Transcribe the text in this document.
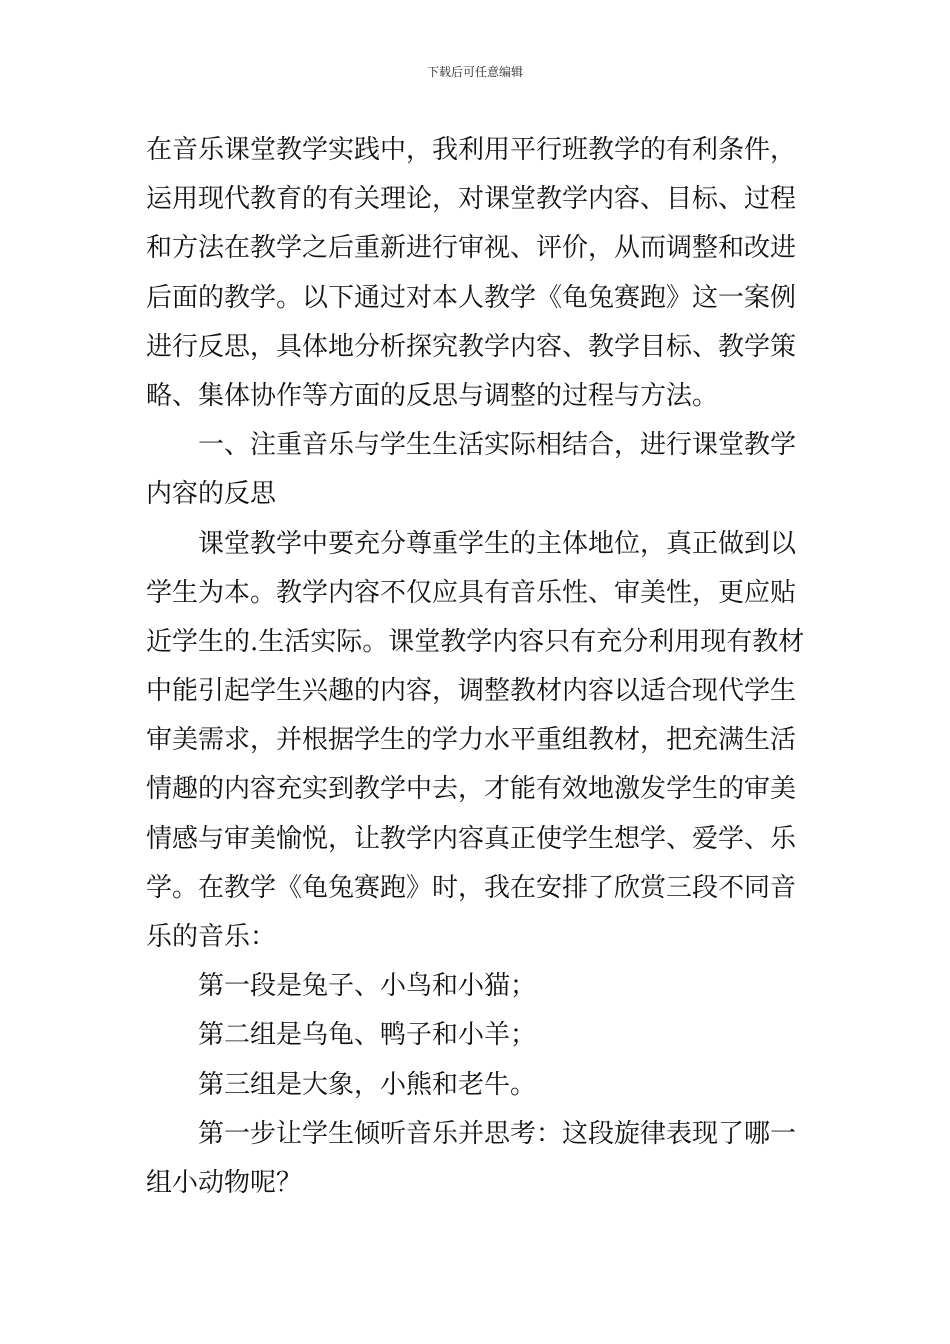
下载后可任意编辑
在音乐课堂教学实践中，我利用平行班教学的有利条件，
运用现代教育的有关理论，对课堂教学内容、目标、过程
和方法在教学之后重新进行审视、评价，从而调整和改进
后面的教学。以下通过对本人教学《龟兔赛跑》这一案例
进行反思，具体地分析探究教学内容、教学目标、教学策
略、集体协作等方面的反思与调整的过程与方法。
一、注重音乐与学生生活实际相结合，进行课堂教学
内容的反思
课堂教学中要充分尊重学生的主体地位，真正做到以
学生为本。教学内容不仅应具有音乐性、审美性，更应贴
近学生的.生活实际。课堂教学内容只有充分利用现有教材
中能引起学生兴趣的内容，调整教材内容以适合现代学生
审美需求，并根据学生的学力水平重组教材，把充满生活
情趣的内容充实到教学中去，才能有效地激发学生的审美
情感与审美愉悦，让教学内容真正使学生想学、爱学、乐
学。在教学《龟兔赛跑》时，我在安排了欣赏三段不同音
乐的音乐：
第一段是兔子、小鸟和小猫；
第二组是乌龟、鸭子和小羊；
第三组是大象，小熊和老牛。
第一步让学生倾听音乐并思考：这段旋律表现了哪一
组小动物呢？
